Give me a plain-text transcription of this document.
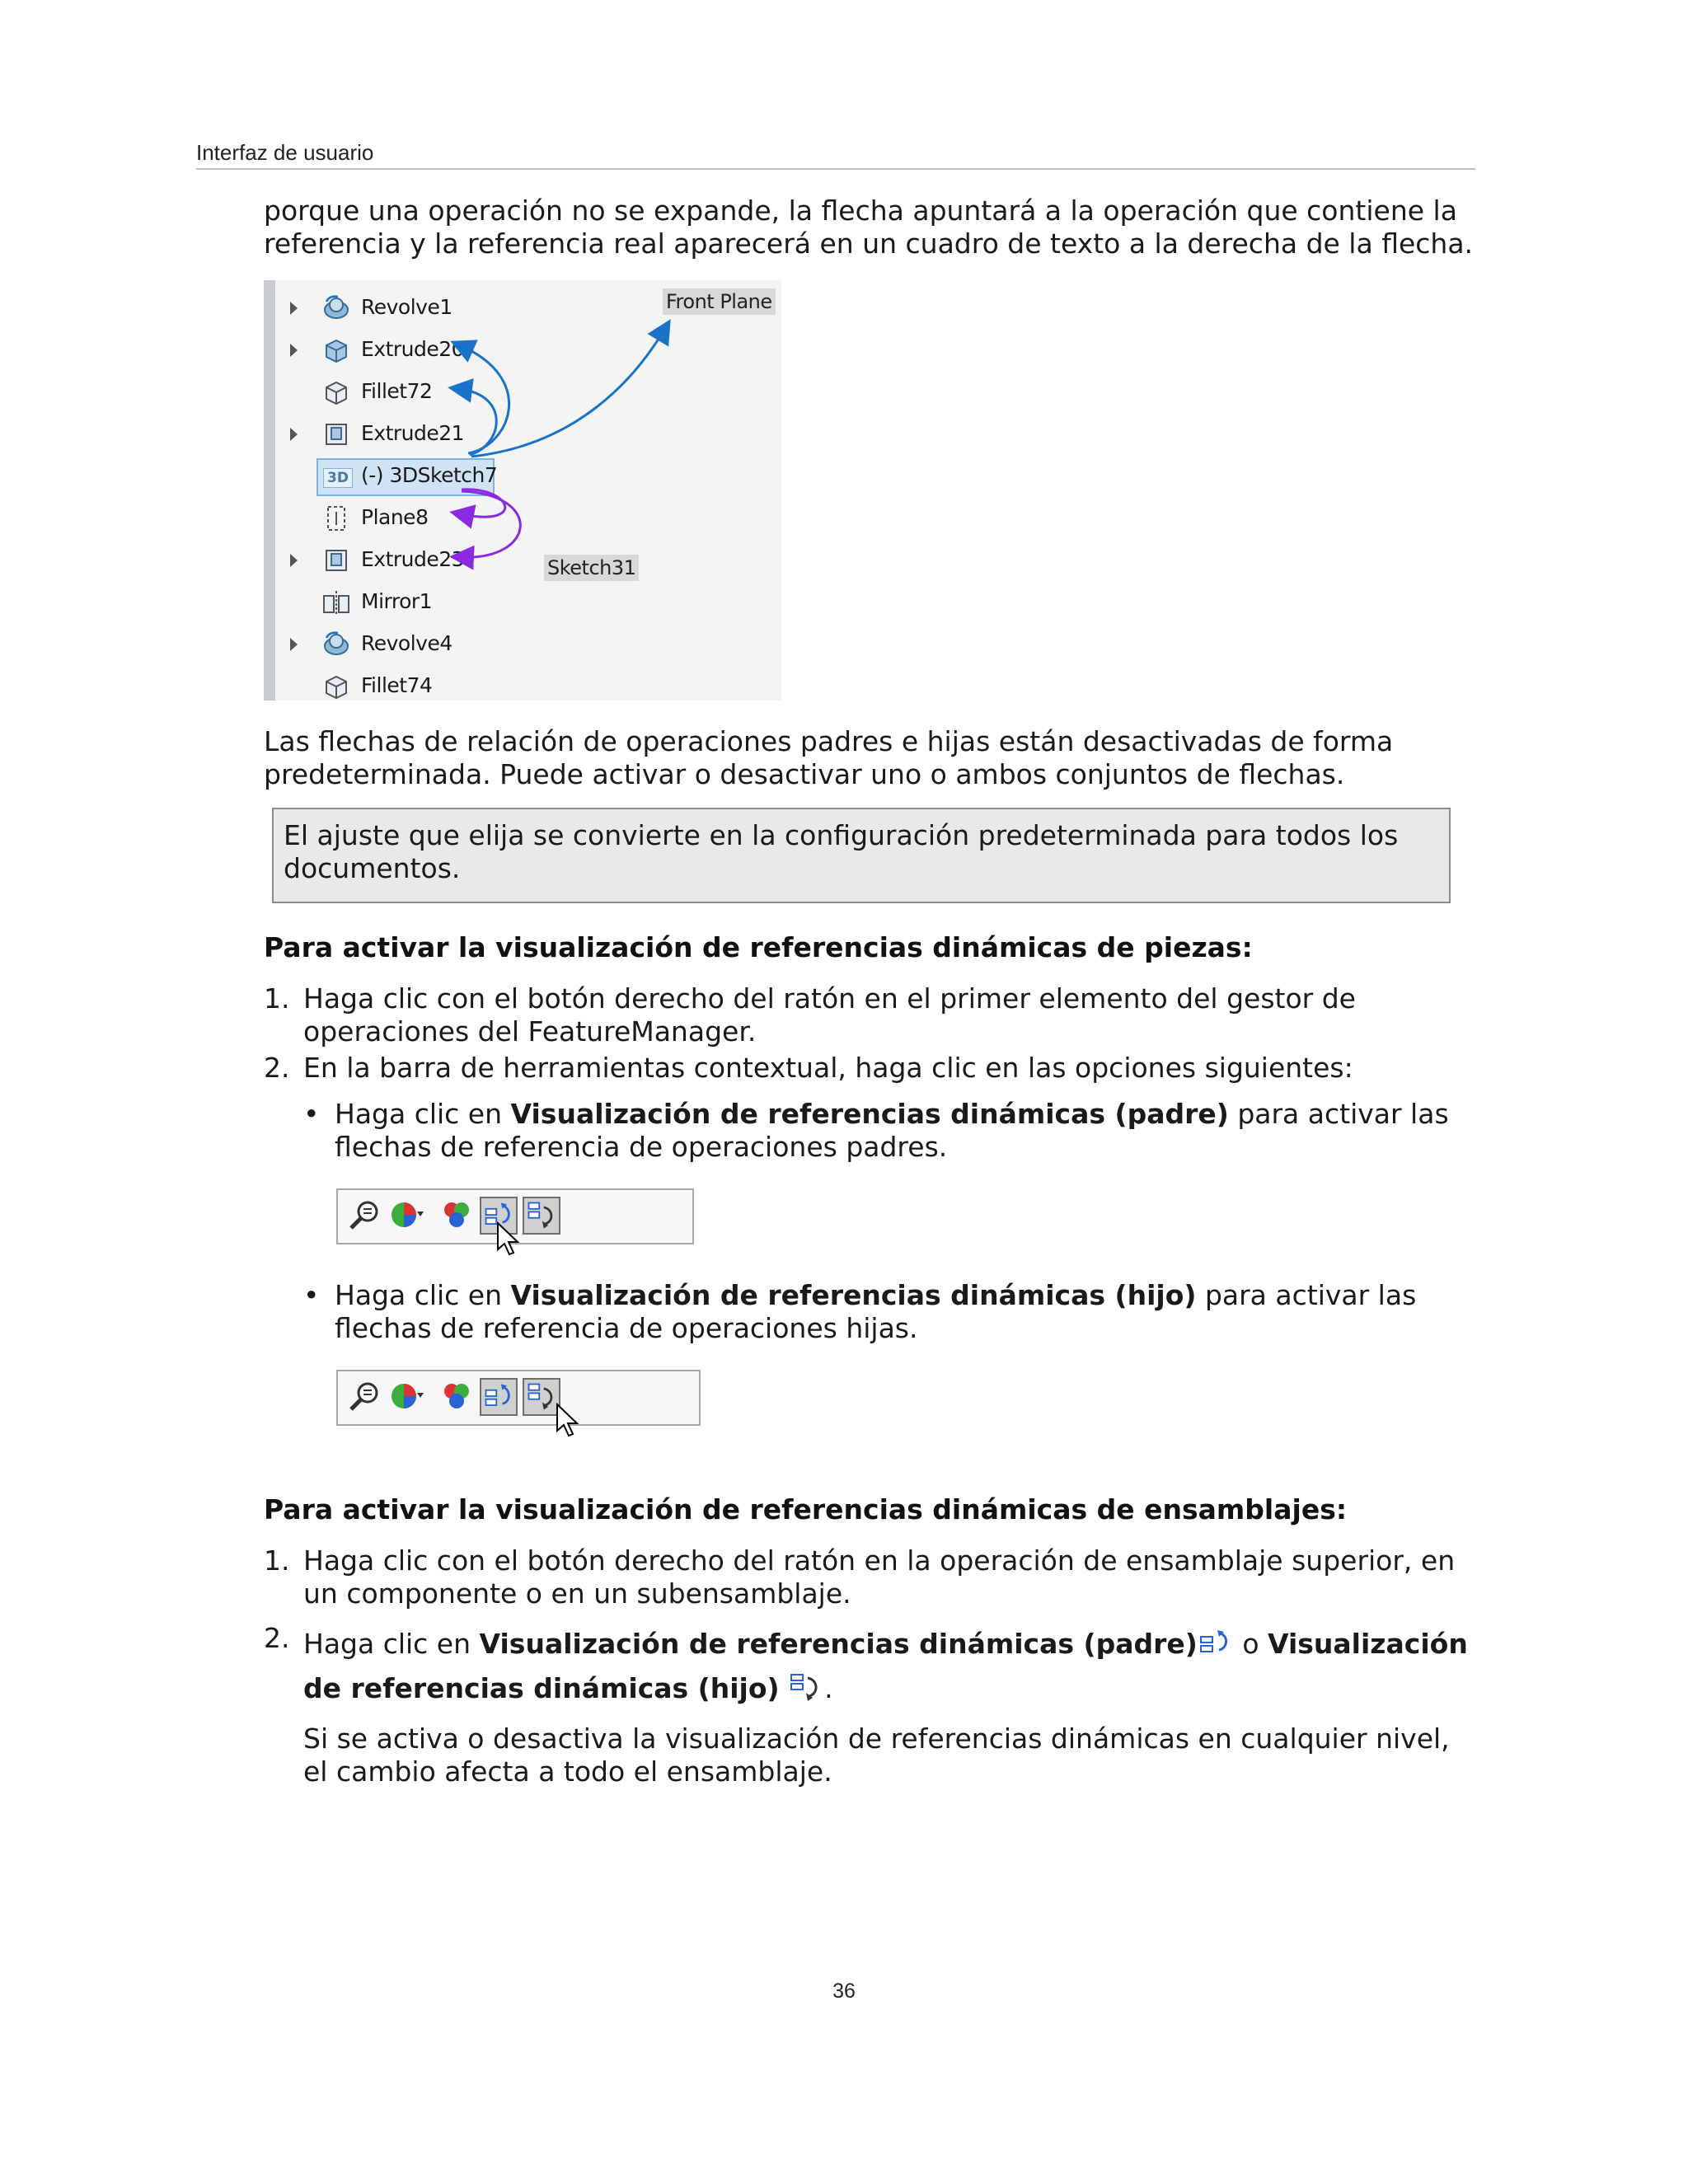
Interfaz de usuario
porque una operación no se expande, la flecha apuntará a la operación que contiene la referencia y la referencia real aparecerá en un cuadro de texto a la derecha de la flecha.
Revolve1
Extrude20
Fillet72
Extrude21
3D (-) 3DSketch7
Plane8
Extrude23
Mirror1
Revolve4
Fillet74
Front Plane
Sketch31
Las flechas de relación de operaciones padres e hijas están desactivadas de forma predeterminada. Puede activar o desactivar uno o ambos conjuntos de flechas.
El ajuste que elija se convierte en la configuración predeterminada para todos los documentos.
Para activar la visualización de referencias dinámicas de piezas:
1. Haga clic con el botón derecho del ratón en el primer elemento del gestor de operaciones del FeatureManager.
2. En la barra de herramientas contextual, haga clic en las opciones siguientes:
• Haga clic en Visualización de referencias dinámicas (padre) para activar las flechas de referencia de operaciones padres.
• Haga clic en Visualización de referencias dinámicas (hijo) para activar las flechas de referencia de operaciones hijas.
Para activar la visualización de referencias dinámicas de ensamblajes:
1. Haga clic con el botón derecho del ratón en la operación de ensamblaje superior, en un componente o en un subensamblaje.
2. Haga clic en Visualización de referencias dinámicas (padre) o Visualización
de referencias dinámicas (hijo) .
Si se activa o desactiva la visualización de referencias dinámicas en cualquier nivel, el cambio afecta a todo el ensamblaje.
36
